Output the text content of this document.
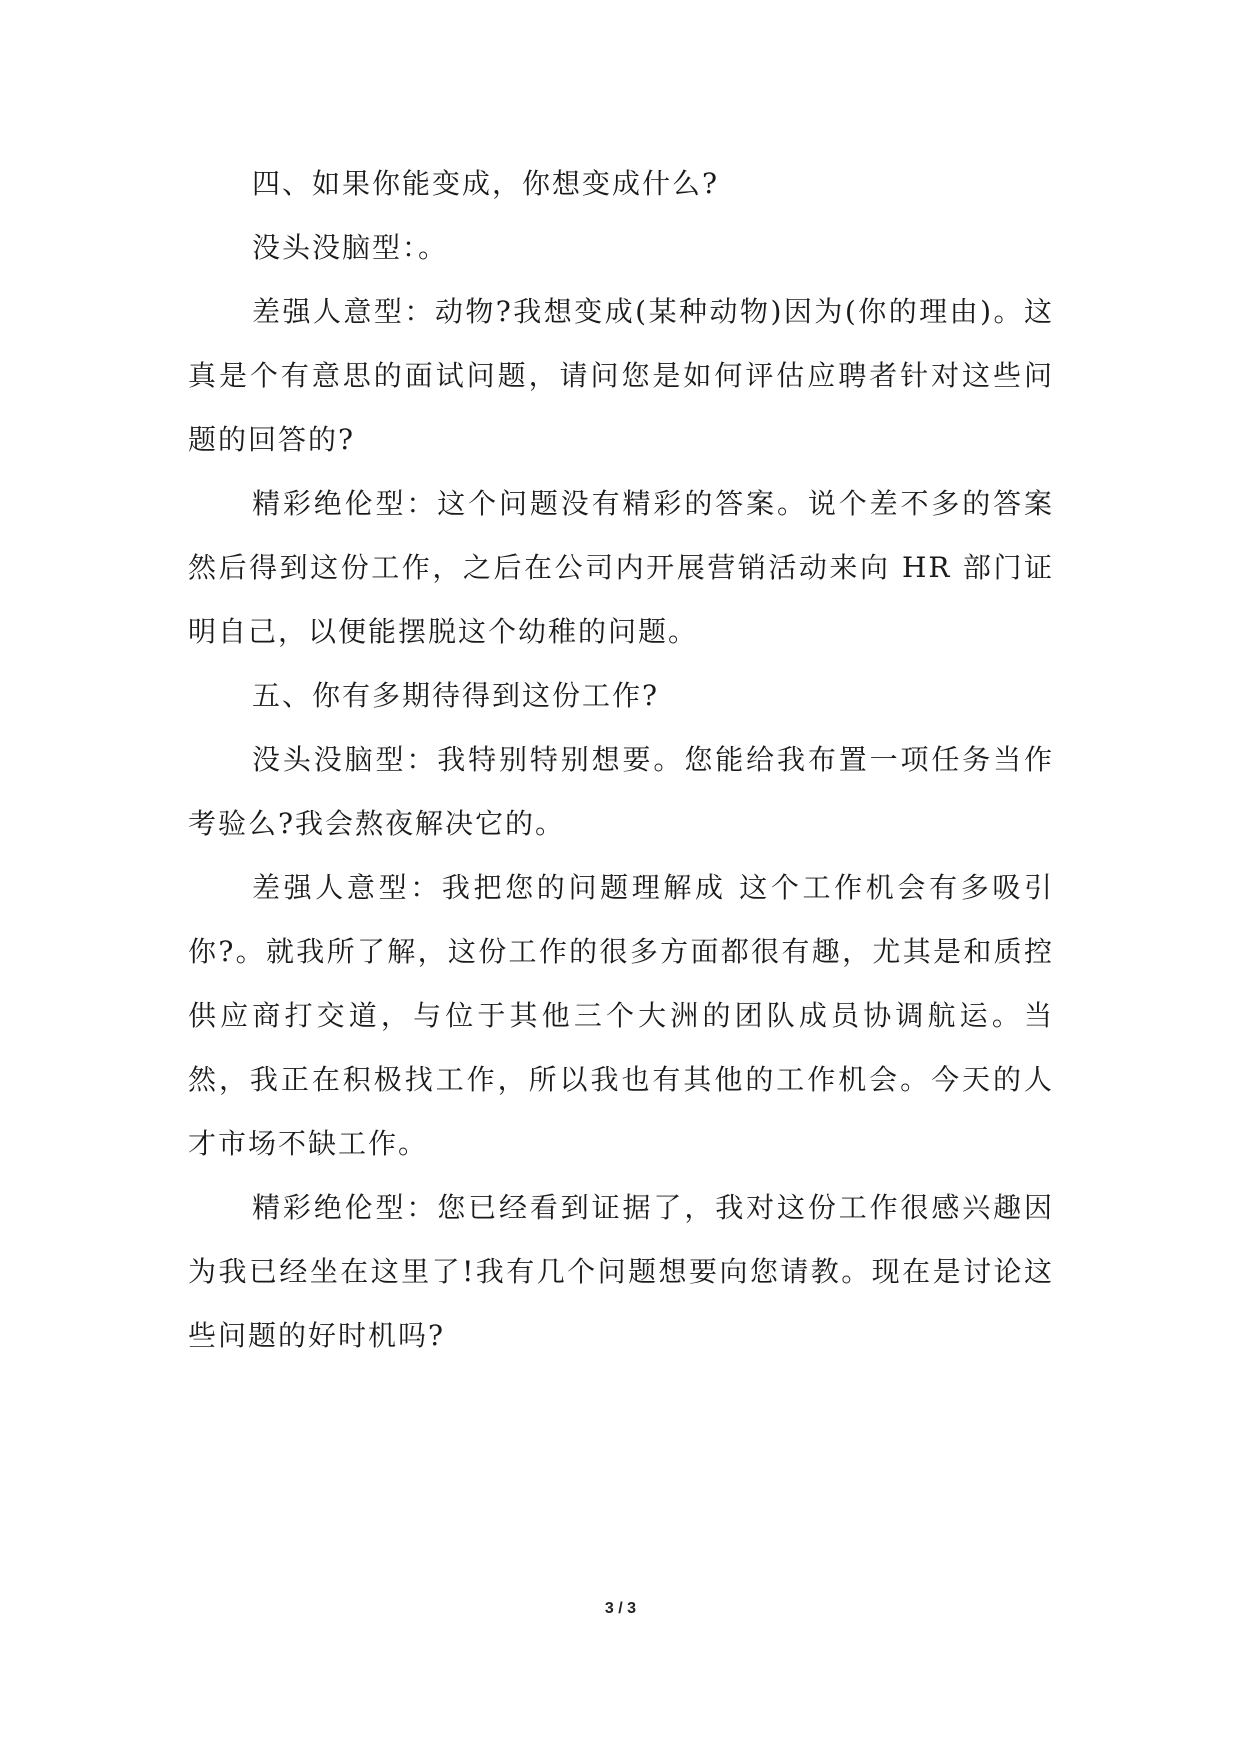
四、如果你能变成，你想变成什么?

没头没脑型：。

差强人意型：动物?我想变成(某种动物)因为(你的理由)。这真是个有意思的面试问题，请问您是如何评估应聘者针对这些问题的回答的?

精彩绝伦型：这个问题没有精彩的答案。说个差不多的答案然后得到这份工作，之后在公司内开展营销活动来向 HR 部门证明自己，以便能摆脱这个幼稚的问题。

五、你有多期待得到这份工作?

没头没脑型：我特别特别想要。您能给我布置一项任务当作考验么?我会熬夜解决它的。

差强人意型：我把您的问题理解成 这个工作机会有多吸引你?。就我所了解，这份工作的很多方面都很有趣，尤其是和质控供应商打交道，与位于其他三个大洲的团队成员协调航运。当然，我正在积极找工作，所以我也有其他的工作机会。今天的人才市场不缺工作。

精彩绝伦型：您已经看到证据了，我对这份工作很感兴趣因为我已经坐在这里了!我有几个问题想要向您请教。现在是讨论这些问题的好时机吗?

3 / 3
